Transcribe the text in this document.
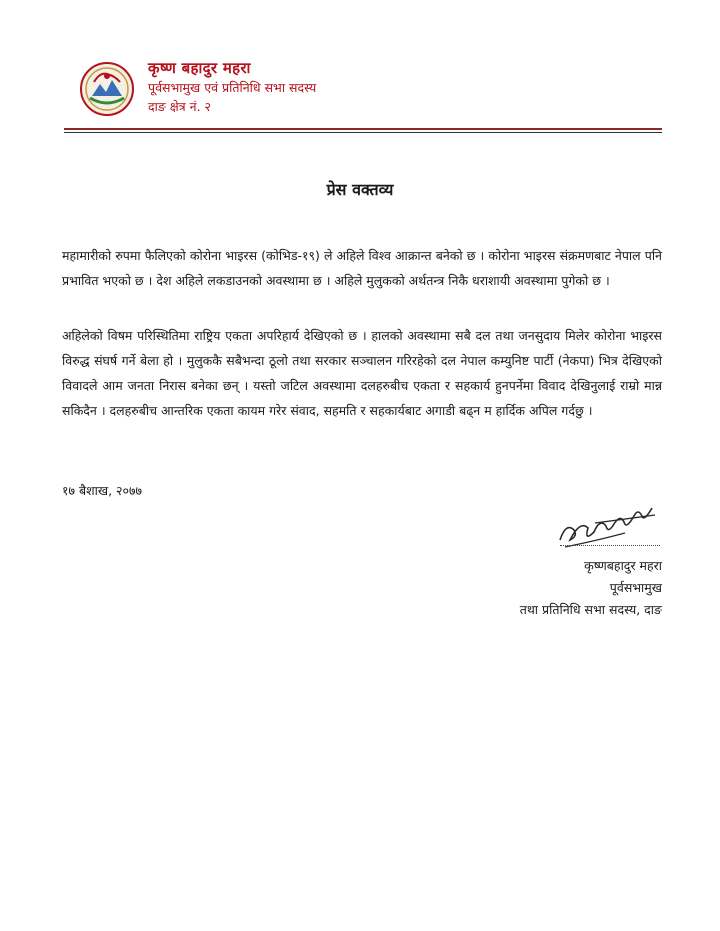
कृष्ण बहादुर महरा
पूर्वसभामुख एवं प्रतिनिधि सभा सदस्य
दाङ क्षेत्र नं. २
प्रेस वक्तव्य

महामारीको रुपमा फैलिएको कोरोना भाइरस (कोभिड-१९) ले अहिले विश्व आक्रान्त बनेको छ । कोरोना भाइरस संक्रमणबाट नेपाल पनि प्रभावित भएको छ । देश अहिले लकडाउनको अवस्थामा छ । अहिले मुलुकको अर्थतन्त्र निकै धराशायी अवस्थामा पुगेको छ ।

अहिलेको विषम परिस्थितिमा राष्ट्रिय एकता अपरिहार्य देखिएको छ । हालको अवस्थामा सबै दल तथा जनसुदाय मिलेर कोरोना भाइरस विरुद्ध संघर्ष गर्ने बेला हो । मुलुककै सबैभन्दा ठूलो तथा सरकार सञ्चालन गरिरहेको दल नेपाल कम्युनिष्ट पार्टी (नेकपा) भित्र देखिएको विवादले आम जनता निरास बनेका छन् । यस्तो जटिल अवस्थामा दलहरुबीच एकता र सहकार्य हुनपर्नेमा विवाद देखिनुलाई राम्रो मान्न सकिदैन । दलहरुबीच आन्तरिक एकता कायम गरेर संवाद, सहमति र सहकार्यबाट अगाडी बढ्न म हार्दिक अपिल गर्दछु ।

१७ बैशाख, २०७७
कृष्णबहादुर महरा
पूर्वसभामुख
तथा प्रतिनिधि सभा सदस्य, दाङ
